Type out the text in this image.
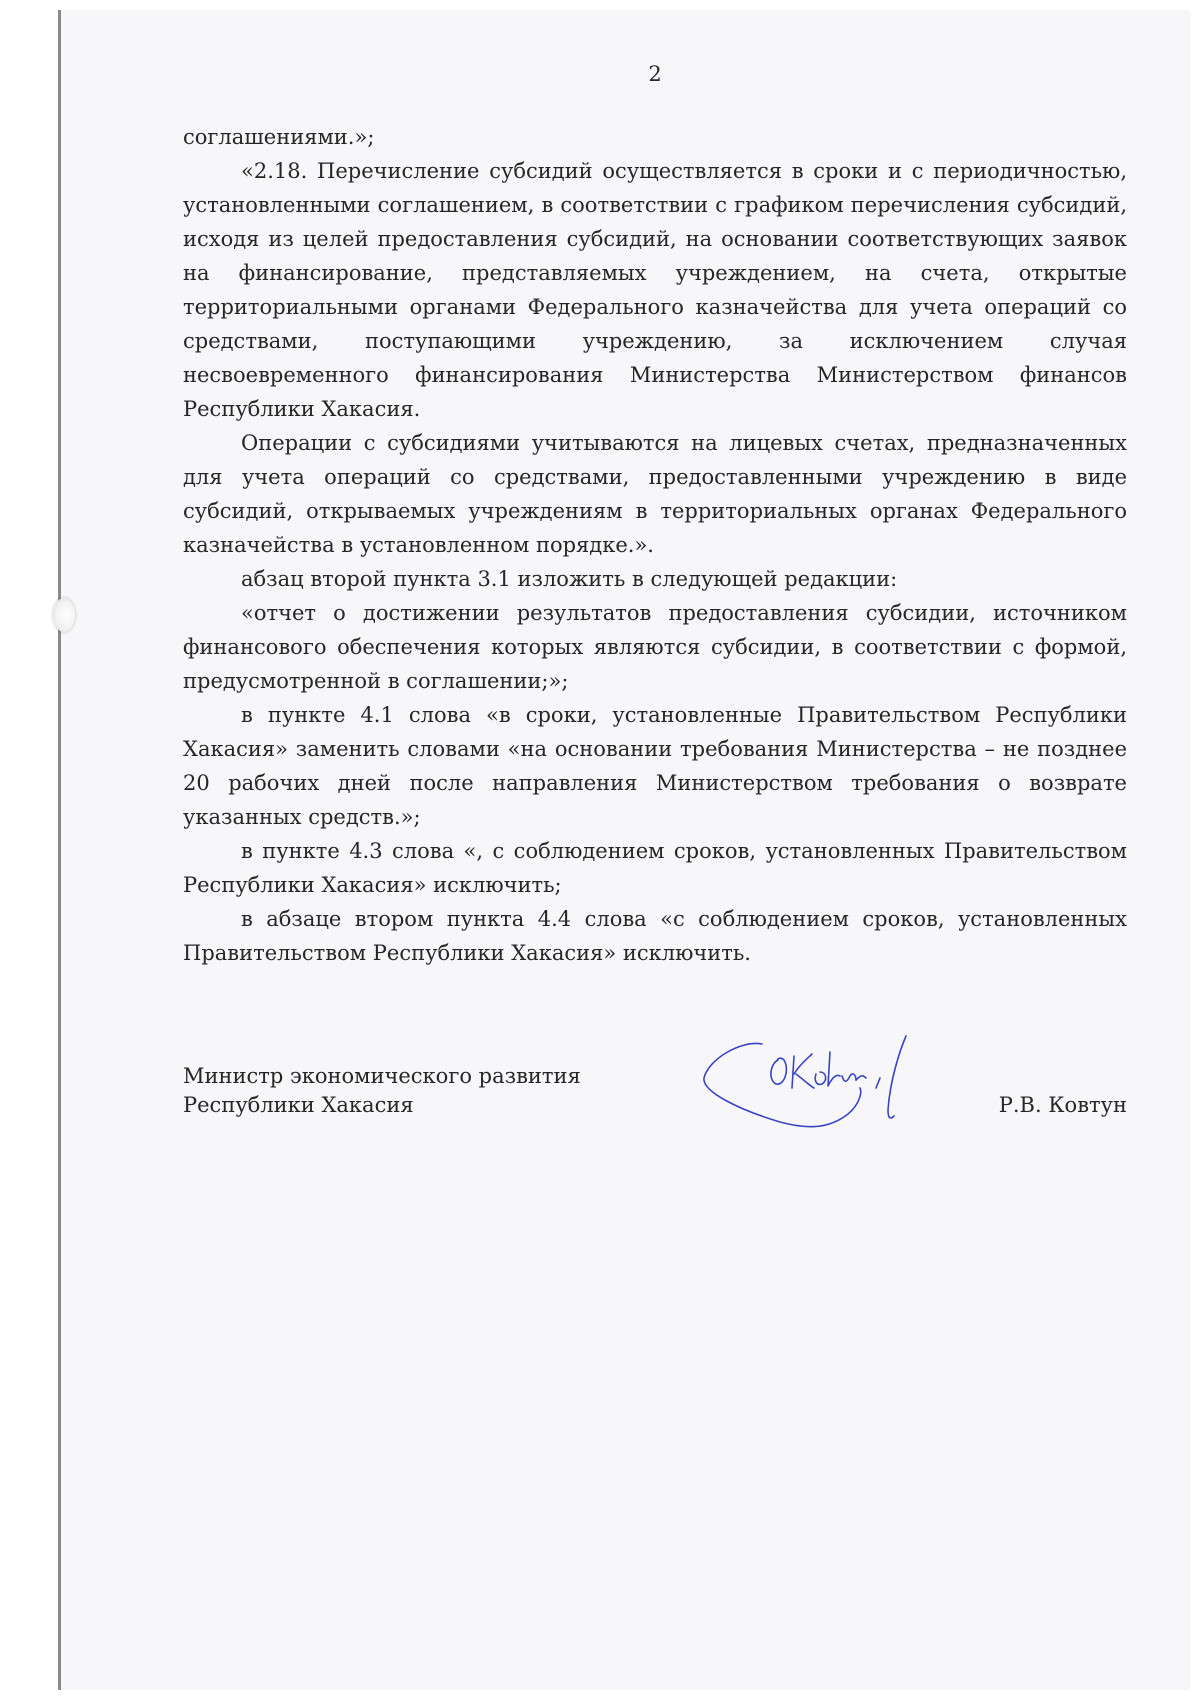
2

соглашениями.»;

«2.18. Перечисление субсидий осуществляется в сроки и с периодичностью, установленными соглашением, в соответствии с графиком перечисления субсидий, исходя из целей предоставления субсидий, на основании соответствующих заявок на финансирование, представляемых учреждением, на счета, открытые территориальными органами Федерального казначейства для учета операций со средствами, поступающими учреждению, за исключением случая несвоевременного финансирования Министерства Министерством финансов Республики Хакасия.

Операции с субсидиями учитываются на лицевых счетах, предназначенных для учета операций со средствами, предоставленными учреждению в виде субсидий, открываемых учреждениям в территориальных органах Федерального казначейства в установленном порядке.».

абзац второй пункта 3.1 изложить в следующей редакции:

«отчет о достижении результатов предоставления субсидии, источником финансового обеспечения которых являются субсидии, в соответствии с формой, предусмотренной в соглашении;»;

в пункте 4.1 слова «в сроки, установленные Правительством Республики Хакасия» заменить словами «на основании требования Министерства – не позднее 20 рабочих дней после направления Министерством требования о возврате указанных средств.»;

в пункте 4.3 слова «, с соблюдением сроков, установленных Правительством Республики Хакасия» исключить;

в абзаце втором пункта 4.4 слова «с соблюдением сроков, установленных Правительством Республики Хакасия» исключить.

Министр экономического развития
Республики Хакасия	Р.В. Ковтун
